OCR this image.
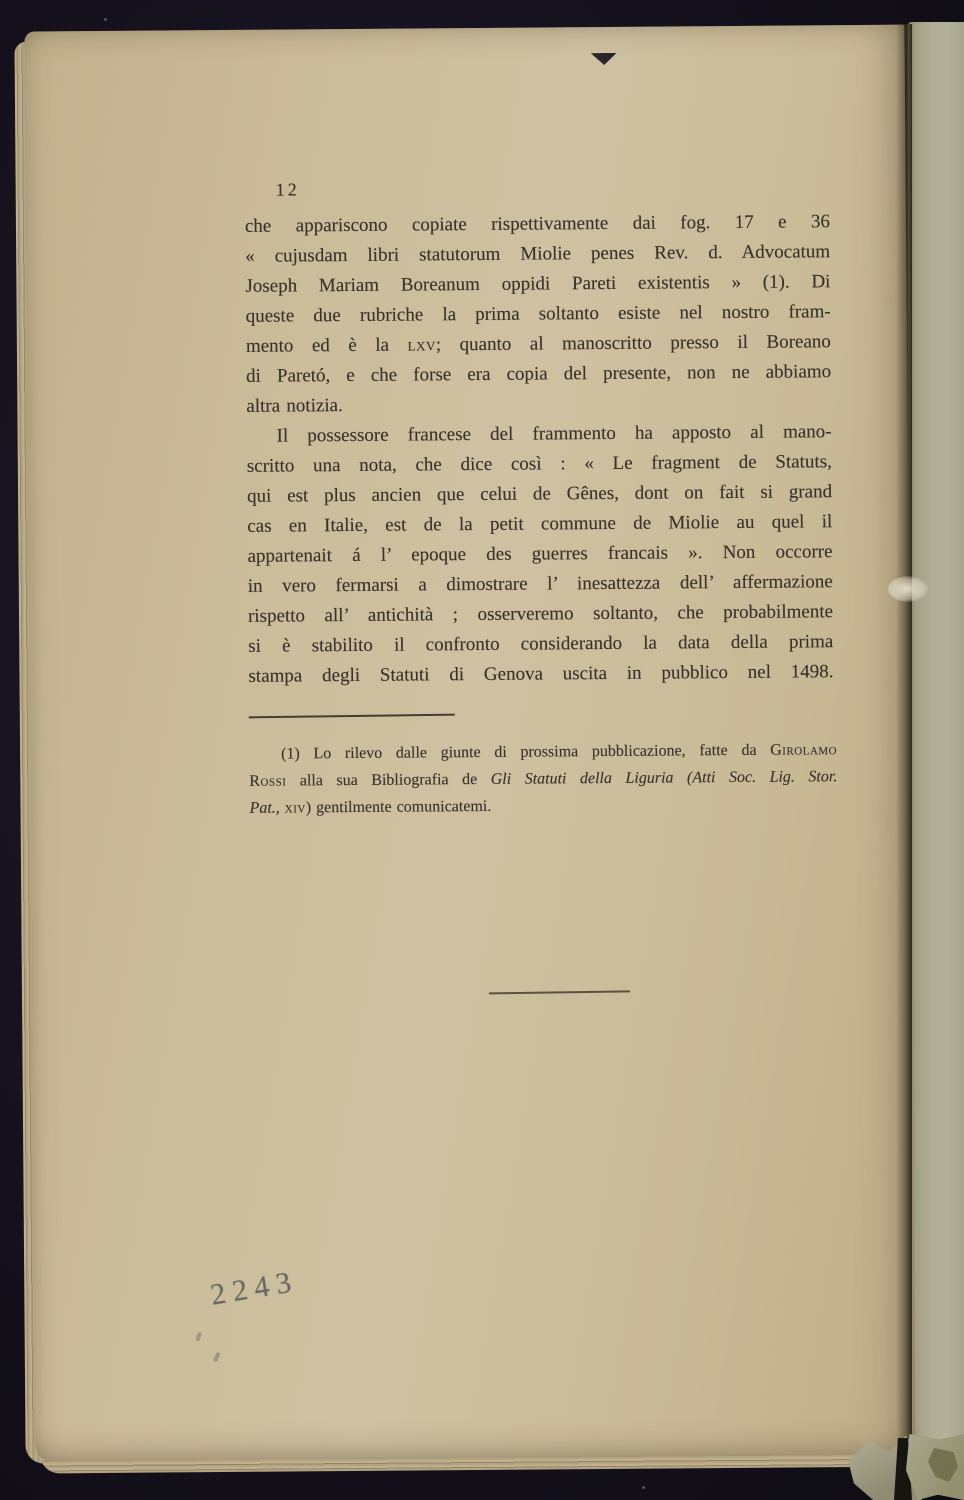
12
che appariscono copiate rispettivamente dai fog. 17 e 36
« cujusdam libri statutorum Miolie penes Rev. d. Advocatum
Joseph Mariam Boreanum oppidi Pareti existentis » (1). Di
queste due rubriche la prima soltanto esiste nel nostro fram-
mento ed è la lxv; quanto al manoscritto presso il Boreano
di Paretó, e che forse era copia del presente, non ne abbiamo
altra notizia.
Il possessore francese del frammento ha apposto al mano-
scritto una nota, che dice così : « Le fragment de Statuts,
qui est plus ancien que celui de Gênes, dont on fait si grand
cas en Italie, est de la petit commune de Miolie au quel il
appartenait á l’ epoque des guerres francais ». Non occorre
in vero fermarsi a dimostrare l’ inesattezza dell’ affermazione
rispetto all’ antichità ; osserveremo soltanto, che probabilmente
si è stabilito il confronto considerando la data della prima
stampa degli Statuti di Genova uscita in pubblico nel 1498.
(1) Lo rilevo dalle giunte di prossima pubblicazione, fatte da Girolamo
Rossi alla sua Bibliografia de Gli Statuti della Liguria (Atti Soc. Lig. Stor.
Pat., xiv) gentilmente comunicatemi.
2243
